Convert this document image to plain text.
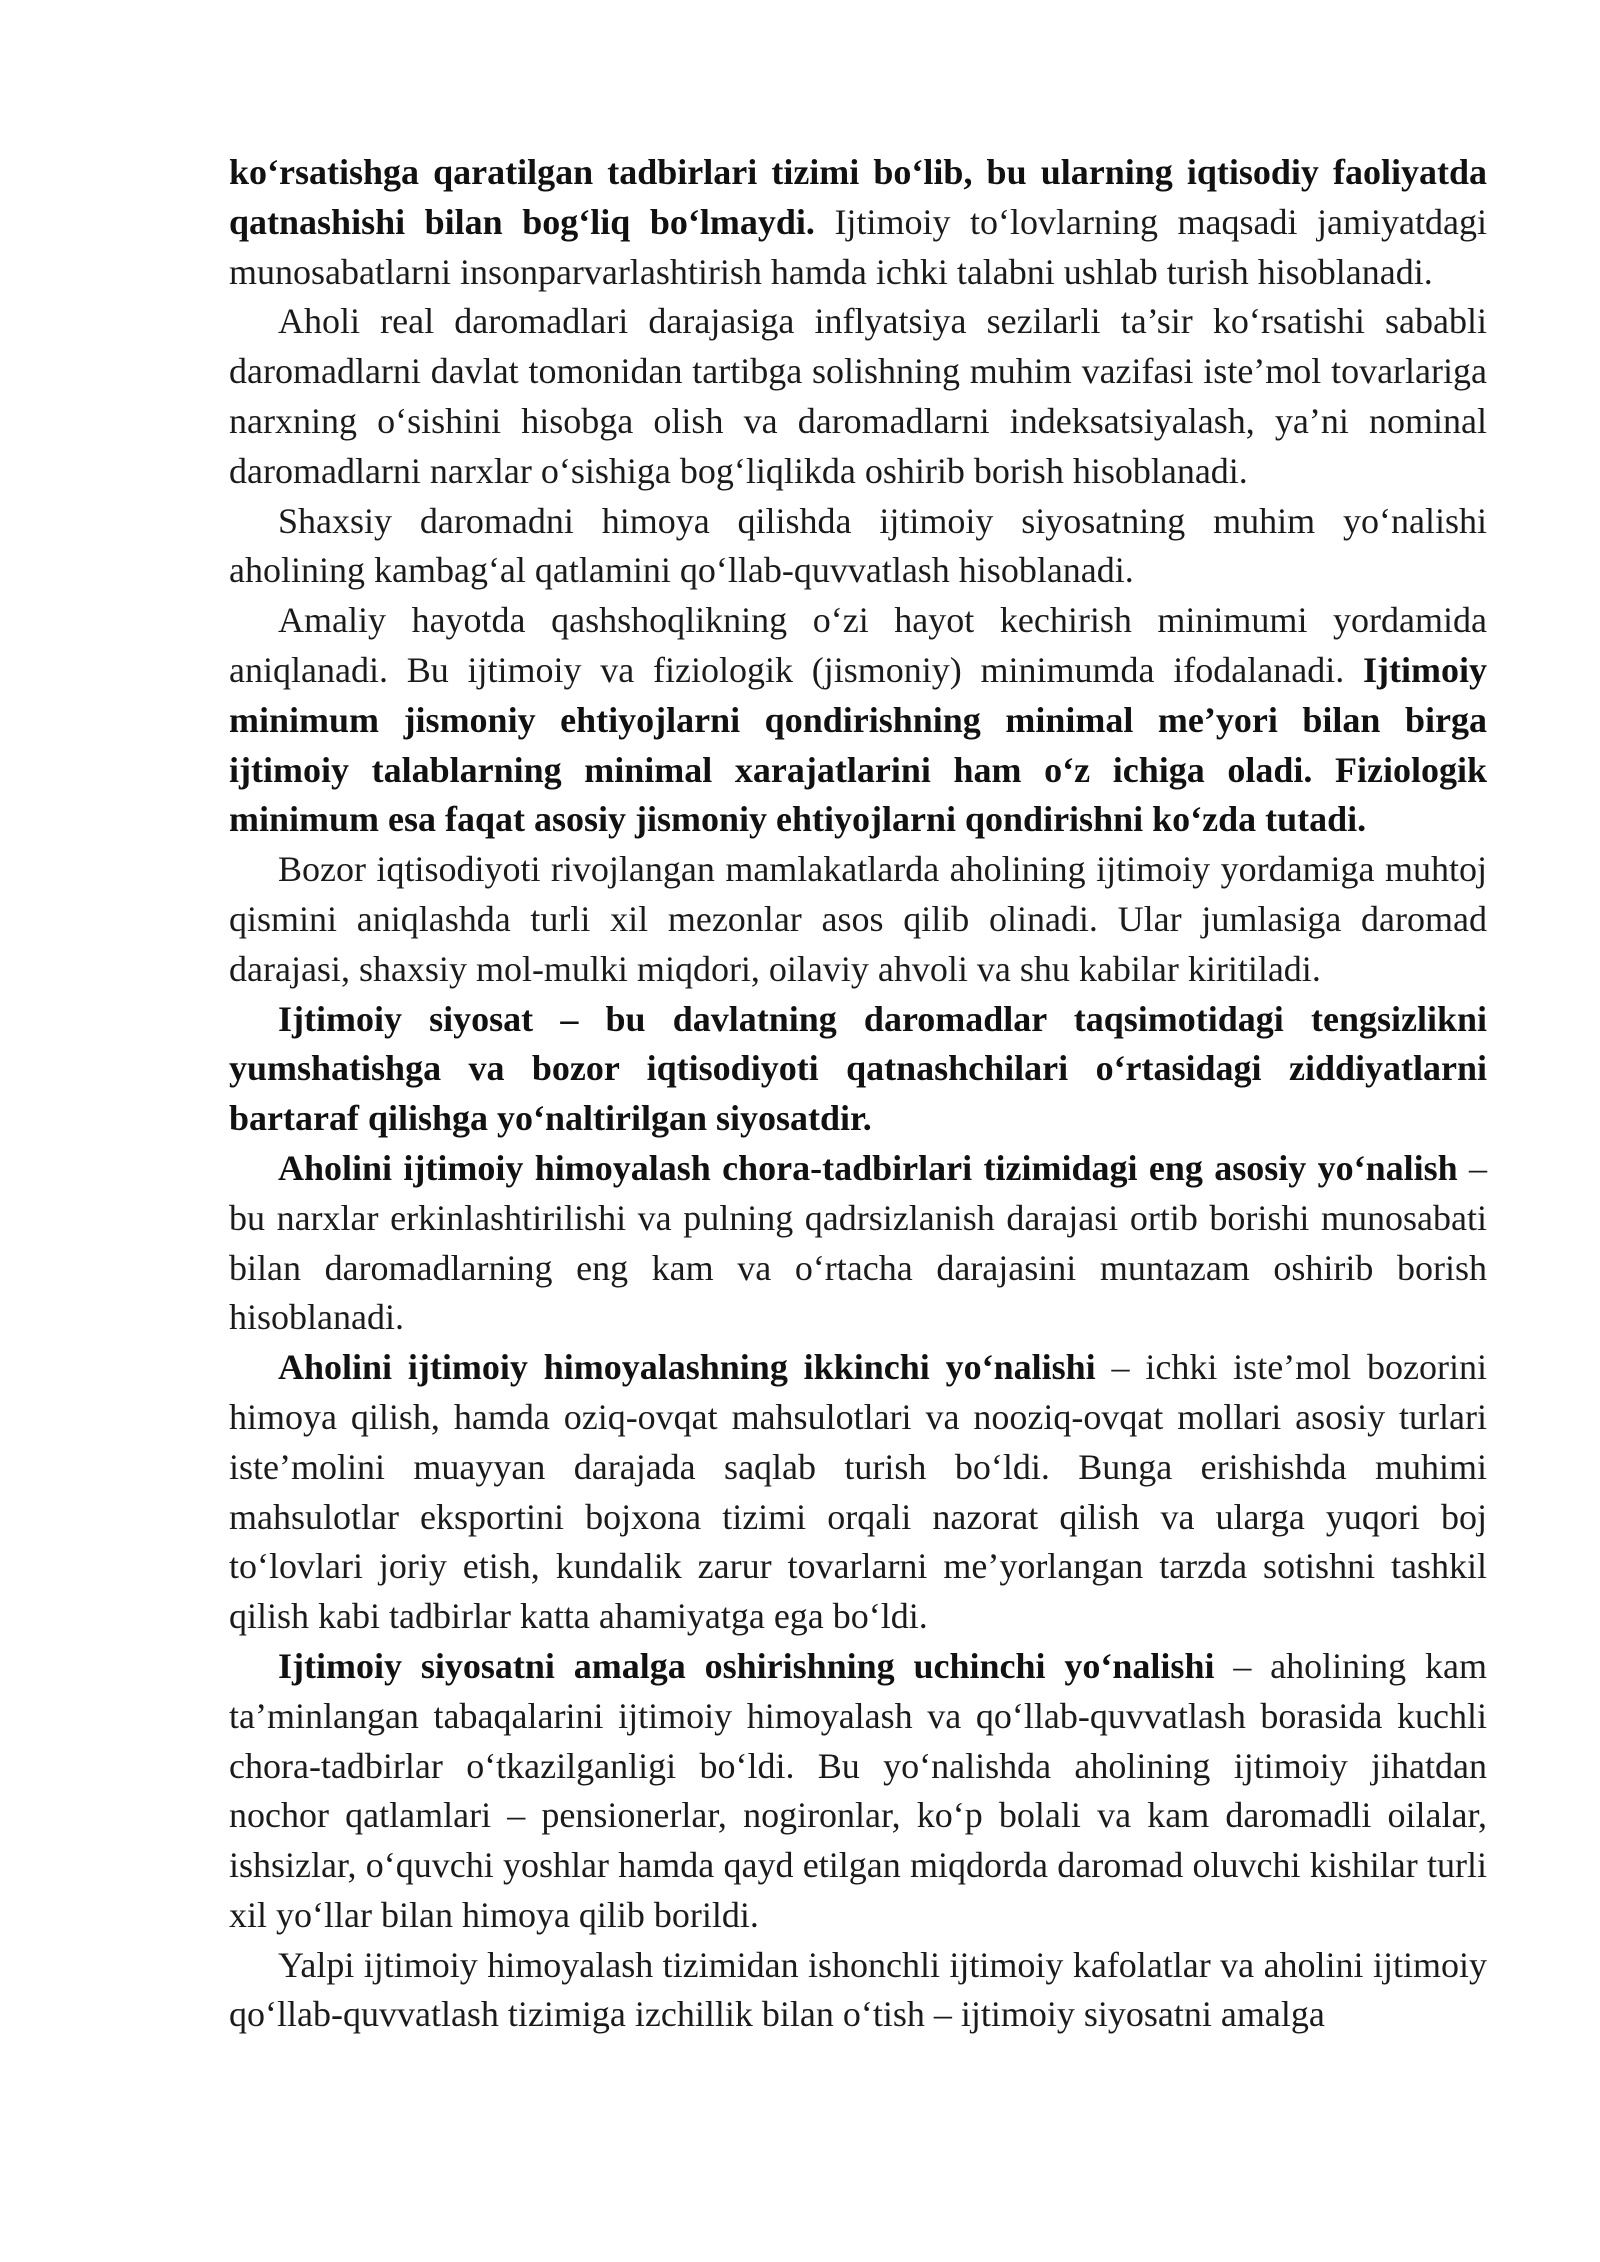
ko‘rsatishga qaratilgan tadbirlari tizimi bo‘lib, bu ularning iqtisodiy faoliyatda qatnashishi bilan bog‘liq bo‘lmaydi. Ijtimoiy to‘lovlarning maqsadi jamiyatdagi munosabatlarni insonparvarlashtirish hamda ichki talabni ushlab turish hisoblanadi.

Aholi real daromadlari darajasiga inflyatsiya sezilarli ta’sir ko‘rsatishi sababli daromadlarni davlat tomonidan tartibga solishning muhim vazifasi iste’mol tovarlariga narxning o‘sishini hisobga olish va daromadlarni indeksatsiyalash, ya’ni nominal daromadlarni narxlar o‘sishiga bog‘liqlikda oshirib borish hisoblanadi.

Shaxsiy daromadni himoya qilishda ijtimoiy siyosatning muhim yo‘nalishi aholining kambag‘al qatlamini qo‘llab-quvvatlash hisoblanadi.

Amaliy hayotda qashshoqlikning o‘zi hayot kechirish minimumi yordamida aniqlanadi. Bu ijtimoiy va fiziologik (jismoniy) minimumda ifodalanadi. Ijtimoiy minimum jismoniy ehtiyojlarni qondirishning minimal me’yori bilan birga ijtimoiy talablarning minimal xarajatlarini ham o‘z ichiga oladi. Fiziologik minimum esa faqat asosiy jismoniy ehtiyojlarni qondirishni ko‘zda tutadi.

Bozor iqtisodiyoti rivojlangan mamlakatlarda aholining ijtimoiy yordamiga muhtoj qismini aniqlashda turli xil mezonlar asos qilib olinadi. Ular jumlasiga daromad darajasi, shaxsiy mol-mulki miqdori, oilaviy ahvoli va shu kabilar kiritiladi.

Ijtimoiy siyosat – bu davlatning daromadlar taqsimotidagi tengsizlikni yumshatishga va bozor iqtisodiyoti qatnashchilari o‘rtasidagi ziddiyatlarni bartaraf qilishga yo‘naltirilgan siyosatdir.

Aholini ijtimoiy himoyalash chora-tadbirlari tizimidagi eng asosiy yo‘nalish – bu narxlar erkinlashtirilishi va pulning qadrsizlanish darajasi ortib borishi munosabati bilan daromadlarning eng kam va o‘rtacha darajasini muntazam oshirib borish hisoblanadi.

Aholini ijtimoiy himoyalashning ikkinchi yo‘nalishi – ichki iste’mol bozorini himoya qilish, hamda oziq-ovqat mahsulotlari va nooziq-ovqat mollari asosiy turlari iste’molini muayyan darajada saqlab turish bo‘ldi. Bunga erishishda muhimi mahsulotlar eksportini bojxona tizimi orqali nazorat qilish va ularga yuqori boj to‘lovlari joriy etish, kundalik zarur tovarlarni me’yorlangan tarzda sotishni tashkil qilish kabi tadbirlar katta ahamiyatga ega bo‘ldi.

Ijtimoiy siyosatni amalga oshirishning uchinchi yo‘nalishi – aholining kam ta’minlangan tabaqalarini ijtimoiy himoyalash va qo‘llab-quvvatlash borasida kuchli chora-tadbirlar o‘tkazilganligi bo‘ldi. Bu yo‘nalishda aholining ijtimoiy jihatdan nochor qatlamlari – pensionerlar, nogironlar, ko‘p bolali va kam daromadli oilalar, ishsizlar, o‘quvchi yoshlar hamda qayd etilgan miqdorda daromad oluvchi kishilar turli xil yo‘llar bilan himoya qilib borildi.

Yalpi ijtimoiy himoyalash tizimidan ishonchli ijtimoiy kafolatlar va aholini ijtimoiy qo‘llab-quvvatlash tizimiga izchillik bilan o‘tish – ijtimoiy siyosatni amalga
